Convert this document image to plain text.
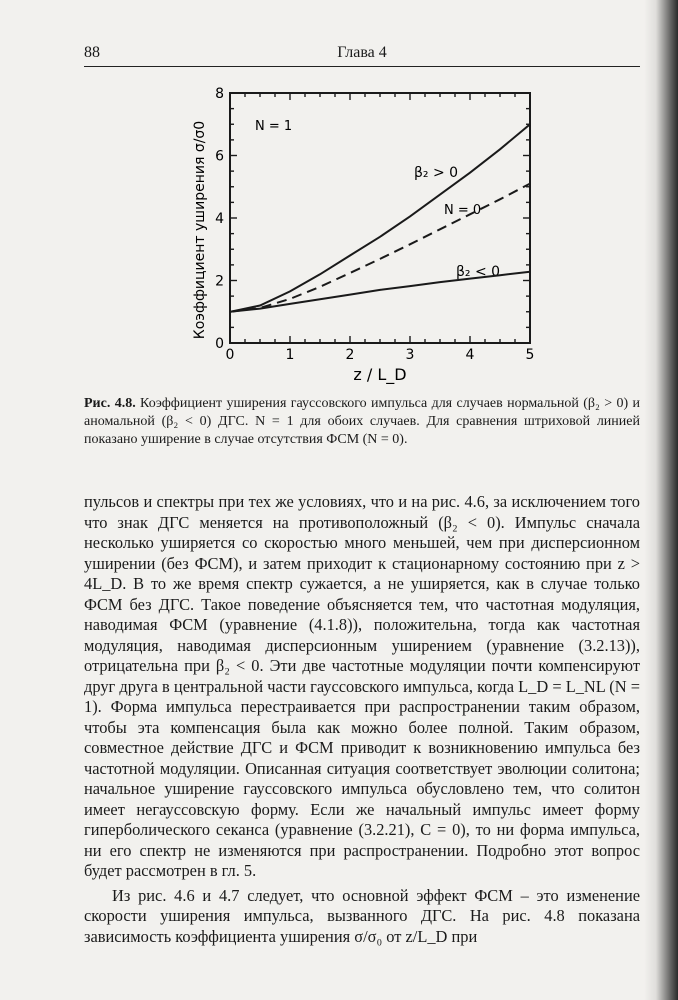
88	Глава 4
Коэффициент уширения σ/σ0
z / L_D
N = 1
β₂ > 0
N = 0
β₂ < 0
0	1	2	3	4	5
0
2
4
6
8
Рис. 4.8. Коэффициент уширения гауссовского импульса для случаев нормальной (β₂ > 0) и аномальной (β₂ < 0) ДГС. N = 1 для обоих случаев. Для сравнения штриховой линией показано уширение в случае отсутствия ФСМ (N = 0).

пульсов и спектры при тех же условиях, что и на рис. 4.6, за исключением того что знак ДГС меняется на противоположный (β₂ < 0). Импульс сначала несколько уширяется со скоростью много меньшей, чем при дисперсионном уширении (без ФСМ), и затем приходит к стационарному состоянию при z > 4L_D. В то же время спектр сужается, а не уширяется, как в случае только ФСМ без ДГС. Такое поведение объясняется тем, что частотная модуляция, наводимая ФСМ (уравнение (4.1.8)), положительна, тогда как частотная модуляция, наводимая дисперсионным уширением (уравнение (3.2.13)), отрицательна при β₂ < 0. Эти две частотные модуляции почти компенсируют друг друга в центральной части гауссовского импульса, когда L_D = L_NL (N = 1). Форма импульса перестраивается при распространении таким образом, чтобы эта компенсация была как можно более полной. Таким образом, совместное действие ДГС и ФСМ приводит к возникновению импульса без частотной модуляции. Описанная ситуация соответствует эволюции солитона; начальное уширение гауссовского импульса обусловлено тем, что солитон имеет негауссовскую форму. Если же начальный импульс имеет форму гиперболического секанса (уравнение (3.2.21), C = 0), то ни форма импульса, ни его спектр не изменяются при распространении. Подробно этот вопрос будет рассмотрен в гл. 5.

Из рис. 4.6 и 4.7 следует, что основной эффект ФСМ – это изменение скорости уширения импульса, вызванного ДГС. На рис. 4.8 показана зависимость коэффициента уширения σ/σ₀ от z/L_D при
